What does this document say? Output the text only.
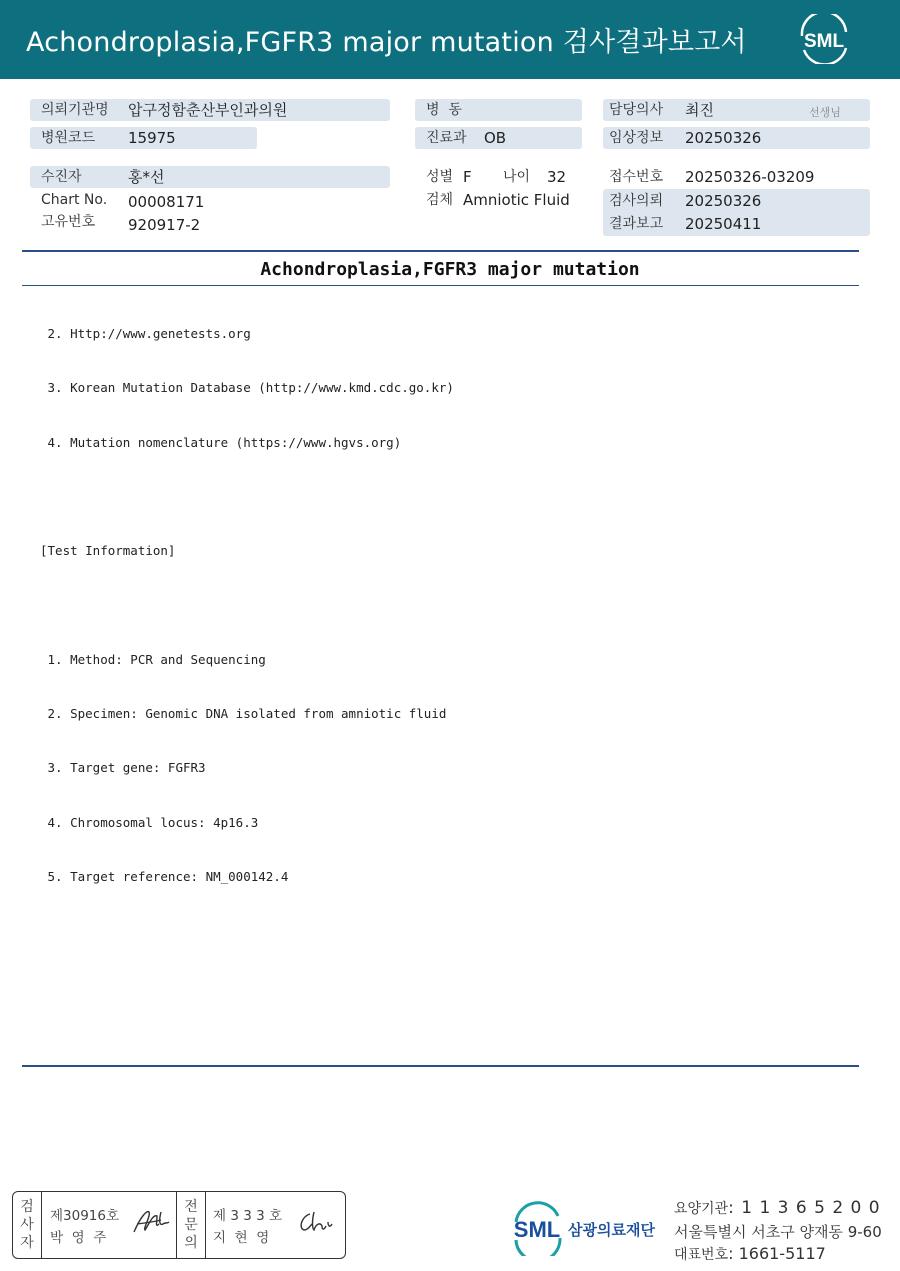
Achondroplasia,FGFR3 major mutation 검사결과보고서	SML
의뢰기관명 압구정함춘산부인과의원	병  동	담당의사 최진	선생님
병원코드 15975	진료과 OB	임상정보 20250326
수진자	홍*선	성별 F 나이 32	접수번호 20250326-03209
Chart No. 00008171	검체 Amniotic Fluid	검사의뢰 20250326
고유번호 920917-2	결과보고 20250411
Achondroplasia,FGFR3 major mutation

2. Http://www.genetests.org

3. Korean Mutation Database (http://www.kmd.cdc.go.kr)

4. Mutation nomenclature (https://www.hgvs.org)

[Test Information]

1. Method: PCR and Sequencing

2. Specimen: Genomic DNA isolated from amniotic fluid

3. Target gene: FGFR3

4. Chromosomal locus: 4p16.3

5. Target reference: NM_000142.4

검
사
자
제30916호
박  영  주
전
문
의
제 3 3 3 호
지  현  영	SML 삼광의료재단
요양기관: 1 1 3 6 5 2 0 0
서울특별시 서초구 양재동 9-60
대표번호: 1661-5117
